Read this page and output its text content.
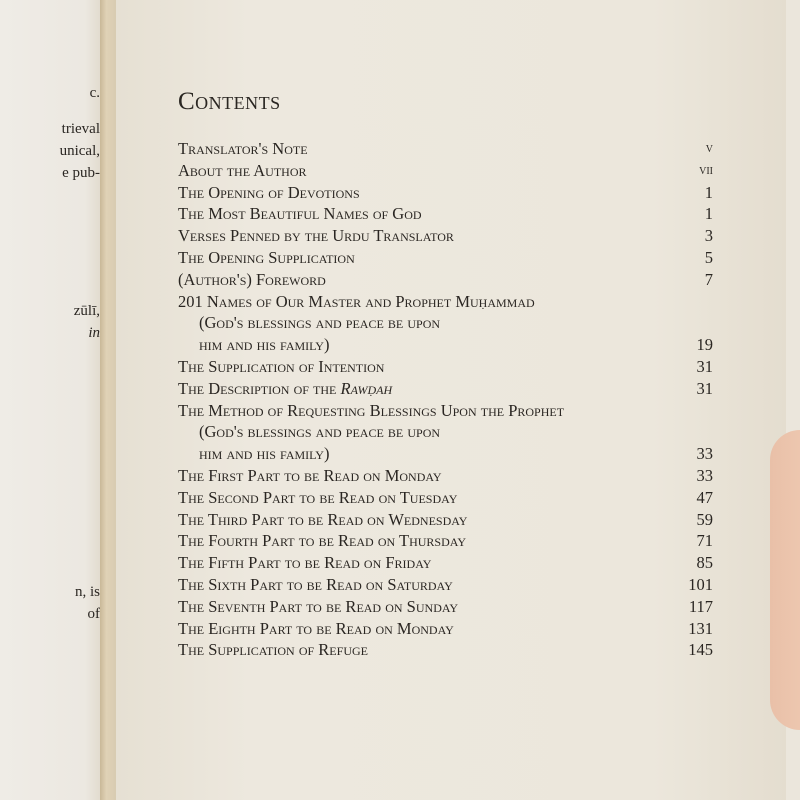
c.
trieval
unical,
e pub-
zūlī,
in
n, is
of
Contents
Translator's Note	v
About the Author	vii
The Opening of Devotions	1
The Most Beautiful Names of God	1
Verses Penned by the Urdu Translator	3
The Opening Supplication	5
(Author's) Foreword	7
201 Names of Our Master and Prophet Muḥammad
(God's blessings and peace be upon
him and his family)	19
The Supplication of Intention	31
The Description of the Rawḍah	31
The Method of Requesting Blessings Upon the Prophet
(God's blessings and peace be upon
him and his family)	33
The First Part to be Read on Monday	33
The Second Part to be Read on Tuesday	47
The Third Part to be Read on Wednesday	59
The Fourth Part to be Read on Thursday	71
The Fifth Part to be Read on Friday	85
The Sixth Part to be Read on Saturday	101
The Seventh Part to be Read on Sunday	117
The Eighth Part to be Read on Monday	131
The Supplication of Refuge	145
